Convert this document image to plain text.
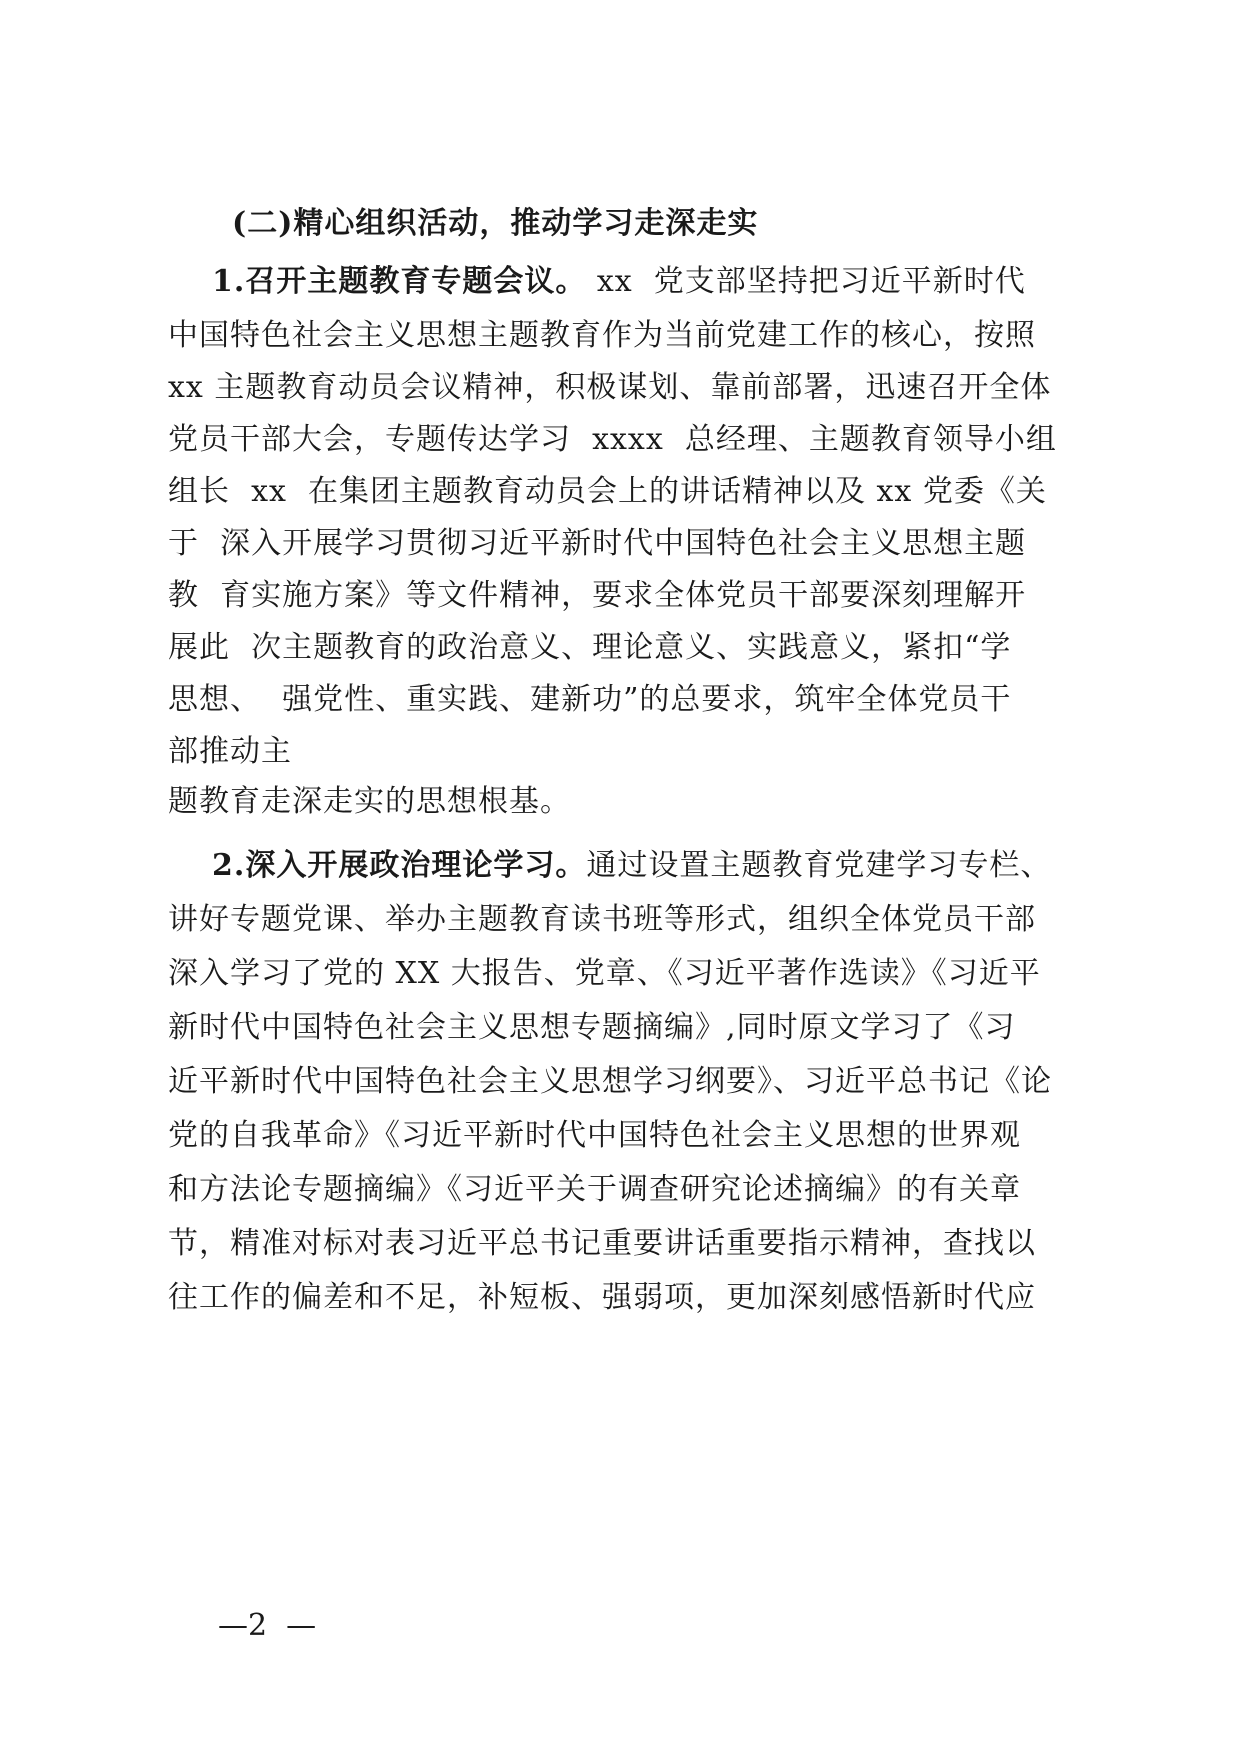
(二)精心组织活动，推动学习走深走实

1.召开主题教育专题会议。 xx  党支部坚持把习近平新时代

中国特色社会主义思想主题教育作为当前党建工作的核心，按照

xx 主题教育动员会议精神，积极谋划、靠前部署，迅速召开全体

党员干部大会，专题传达学习  xxxx  总经理、主题教育领导小组

组长  xx  在集团主题教育动员会上的讲话精神以及 xx 党委《关

于  深入开展学习贯彻习近平新时代中国特色社会主义思想主题

教  育实施方案》等文件精神，要求全体党员干部要深刻理解开

展此  次主题教育的政治意义、理论意义、实践意义，紧扣“学

思想、  强党性、重实践、建新功”的总要求，筑牢全体党员干

部推动主

题教育走深走实的思想根基。

2.深入开展政治理论学习。通过设置主题教育党建学习专栏、

讲好专题党课、举办主题教育读书班等形式，组织全体党员干部

深入学习了党的 XX 大报告、党章、《习近平著作选读》《习近平

新时代中国特色社会主义思想专题摘编》,同时原文学习了《习

近平新时代中国特色社会主义思想学习纲要》、习近平总书记《论

党的自我革命》《习近平新时代中国特色社会主义思想的世界观

和方法论专题摘编》《习近平关于调查研究论述摘编》的有关章

节，精准对标对表习近平总书记重要讲话重要指示精神，查找以

往工作的偏差和不足，补短板、强弱项，更加深刻感悟新时代应

—2  —
